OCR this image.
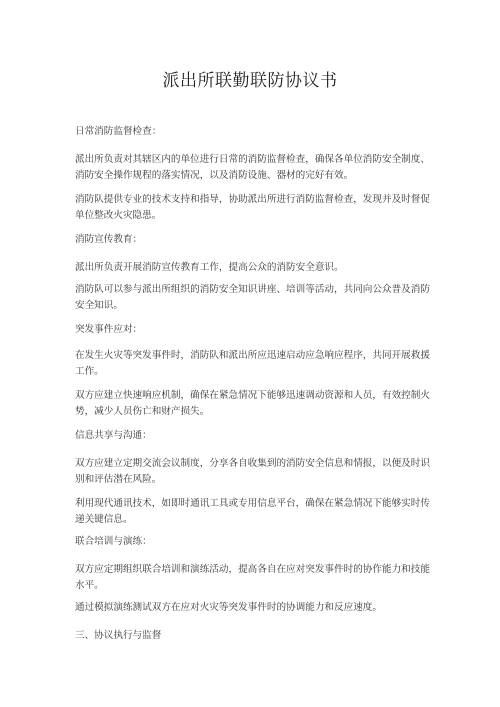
派出所联勤联防协议书

日常消防监督检查：

派出所负责对其辖区内的单位进行日常的消防监督检查，确保各单位消防安全制度、消防安全操作规程的落实情况，以及消防设施、器材的完好有效。

消防队提供专业的技术支持和指导，协助派出所进行消防监督检查，发现并及时督促单位整改火灾隐患。

消防宣传教育：

派出所负责开展消防宣传教育工作，提高公众的消防安全意识。

消防队可以参与派出所组织的消防安全知识讲座、培训等活动，共同向公众普及消防安全知识。

突发事件应对：

在发生火灾等突发事件时，消防队和派出所应迅速启动应急响应程序，共同开展救援工作。

双方应建立快速响应机制，确保在紧急情况下能够迅速调动资源和人员，有效控制火势，减少人员伤亡和财产损失。

信息共享与沟通：

双方应建立定期交流会议制度，分享各自收集到的消防安全信息和情报，以便及时识别和评估潜在风险。

利用现代通讯技术，如即时通讯工具或专用信息平台，确保在紧急情况下能够实时传递关键信息。

联合培训与演练：

双方应定期组织联合培训和演练活动，提高各自在应对突发事件时的协作能力和技能水平。

通过模拟演练测试双方在应对火灾等突发事件时的协调能力和反应速度。

三、协议执行与监督
